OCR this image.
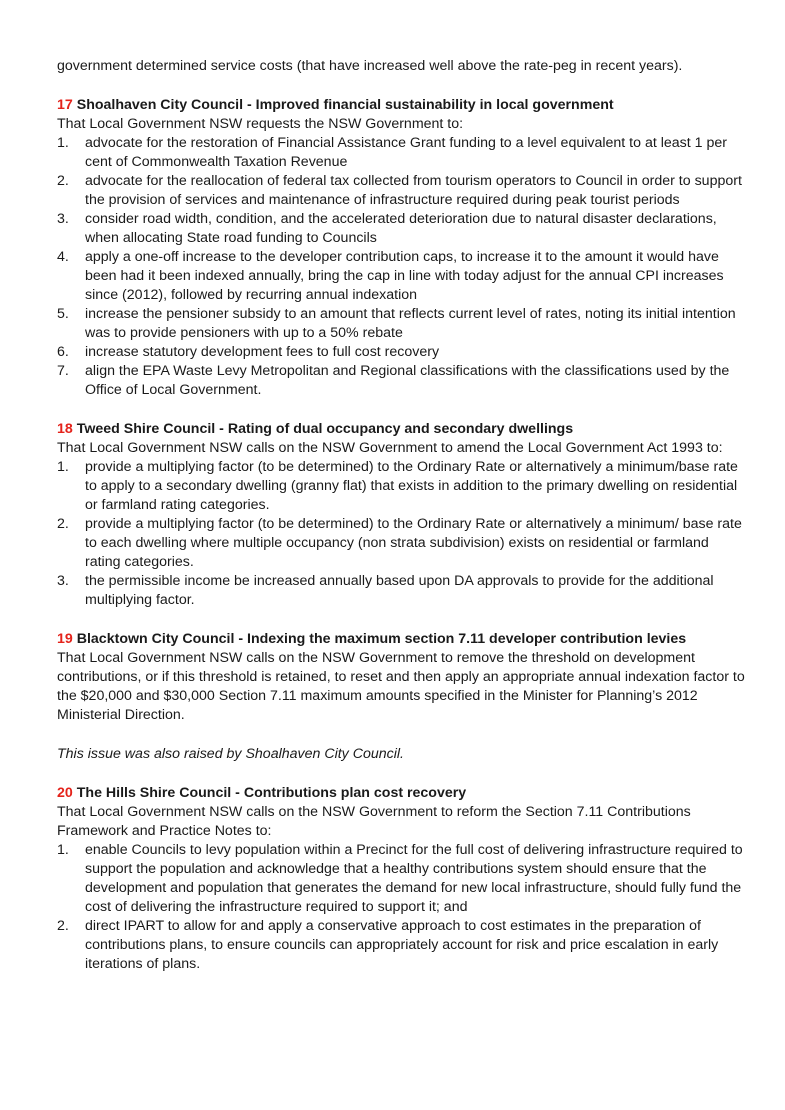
government determined service costs (that have increased well above the rate-peg in recent years).

17 Shoalhaven City Council - Improved financial sustainability in local government

That Local Government NSW requests the NSW Government to:

1. advocate for the restoration of Financial Assistance Grant funding to a level equivalent to at least 1 per cent of Commonwealth Taxation Revenue
2. advocate for the reallocation of federal tax collected from tourism operators to Council in order to support the provision of services and maintenance of infrastructure required during peak tourist periods
3. consider road width, condition, and the accelerated deterioration due to natural disaster declarations, when allocating State road funding to Councils
4. apply a one-off increase to the developer contribution caps, to increase it to the amount it would have been had it been indexed annually, bring the cap in line with today adjust for the annual CPI increases since (2012), followed by recurring annual indexation
5. increase the pensioner subsidy to an amount that reflects current level of rates, noting its initial intention was to provide pensioners with up to a 50% rebate
6. increase statutory development fees to full cost recovery
7. align the EPA Waste Levy Metropolitan and Regional classifications with the classifications used by the Office of Local Government.

18 Tweed Shire Council - Rating of dual occupancy and secondary dwellings

That Local Government NSW calls on the NSW Government to amend the Local Government Act 1993 to:

1. provide a multiplying factor (to be determined) to the Ordinary Rate or alternatively a minimum/base rate to apply to a secondary dwelling (granny flat) that exists in addition to the primary dwelling on residential or farmland rating categories.
2. provide a multiplying factor (to be determined) to the Ordinary Rate or alternatively a minimum/ base rate to each dwelling where multiple occupancy (non strata subdivision) exists on residential or farmland rating categories.
3. the permissible income be increased annually based upon DA approvals to provide for the additional multiplying factor.

19 Blacktown City Council - Indexing the maximum section 7.11 developer contribution levies

That Local Government NSW calls on the NSW Government to remove the threshold on development contributions, or if this threshold is retained, to reset and then apply an appropriate annual indexation factor to the $20,000 and $30,000 Section 7.11 maximum amounts specified in the Minister for Planning’s 2012 Ministerial Direction.

This issue was also raised by Shoalhaven City Council.

20 The Hills Shire Council - Contributions plan cost recovery

That Local Government NSW calls on the NSW Government to reform the Section 7.11 Contributions Framework and Practice Notes to:

1. enable Councils to levy population within a Precinct for the full cost of delivering infrastructure required to support the population and acknowledge that a healthy contributions system should ensure that the development and population that generates the demand for new local infrastructure, should fully fund the cost of delivering the infrastructure required to support it; and
2. direct IPART to allow for and apply a conservative approach to cost estimates in the preparation of contributions plans, to ensure councils can appropriately account for risk and price escalation in early iterations of plans.
